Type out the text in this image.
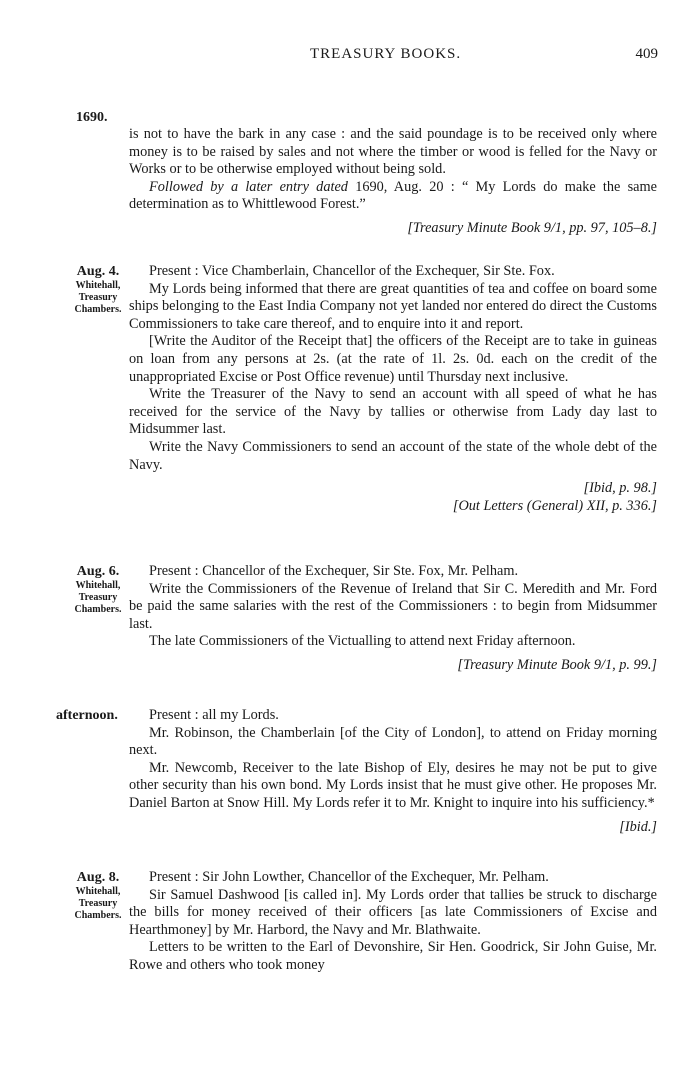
TREASURY BOOKS.	409
1690.

is not to have the bark in any case : and the said poundage is to be received only where money is to be raised by sales and not where the timber or wood is felled for the Navy or Works or to be otherwise employed without being sold.

Followed by a later entry dated 1690, Aug. 20 : “ My Lords do make the same determination as to Whittlewood Forest.”

[Treasury Minute Book 9/1, pp. 97, 105–8.]

Aug. 4.
Whitehall,
Treasury
Chambers.

Present : Vice Chamberlain, Chancellor of the Exchequer, Sir Ste. Fox.

My Lords being informed that there are great quantities of tea and coffee on board some ships belonging to the East India Company not yet landed nor entered do direct the Customs Commissioners to take care thereof, and to enquire into it and report.

[Write the Auditor of the Receipt that] the officers of the Receipt are to take in guineas on loan from any persons at 2s. (at the rate of 1l. 2s. 0d. each on the credit of the unappropriated Excise or Post Office revenue) until Thursday next inclusive.

Write the Treasurer of the Navy to send an account with all speed of what he has received for the service of the Navy by tallies or otherwise from Lady day last to Midsummer last.

Write the Navy Commissioners to send an account of the state of the whole debt of the Navy.

[Ibid, p. 98.]

[Out Letters (General) XII, p. 336.]

Aug. 6.
Whitehall,
Treasury
Chambers.

Present : Chancellor of the Exchequer, Sir Ste. Fox, Mr. Pelham.

Write the Commissioners of the Revenue of Ireland that Sir C. Meredith and Mr. Ford be paid the same salaries with the rest of the Commissioners : to begin from Midsummer last.

The late Commissioners of the Victualling to attend next Friday afternoon.

[Treasury Minute Book 9/1, p. 99.]

afternoon.	Present : all my Lords.

Mr. Robinson, the Chamberlain [of the City of London], to attend on Friday morning next.

Mr. Newcomb, Receiver to the late Bishop of Ely, desires he may not be put to give other security than his own bond. My Lords insist that he must give other. He proposes Mr. Daniel Barton at Snow Hill. My Lords refer it to Mr. Knight to inquire into his sufficiency.*

[Ibid.]

Aug. 8.
Whitehall,
Treasury
Chambers.

Present : Sir John Lowther, Chancellor of the Exchequer, Mr. Pelham.

Sir Samuel Dashwood [is called in]. My Lords order that tallies be struck to discharge the bills for money received of their officers [as late Commissioners of Excise and Hearthmoney] by Mr. Harbord, the Navy and Mr. Blathwaite.

Letters to be written to the Earl of Devonshire, Sir Hen. Goodrick, Sir John Guise, Mr. Rowe and others who took money
